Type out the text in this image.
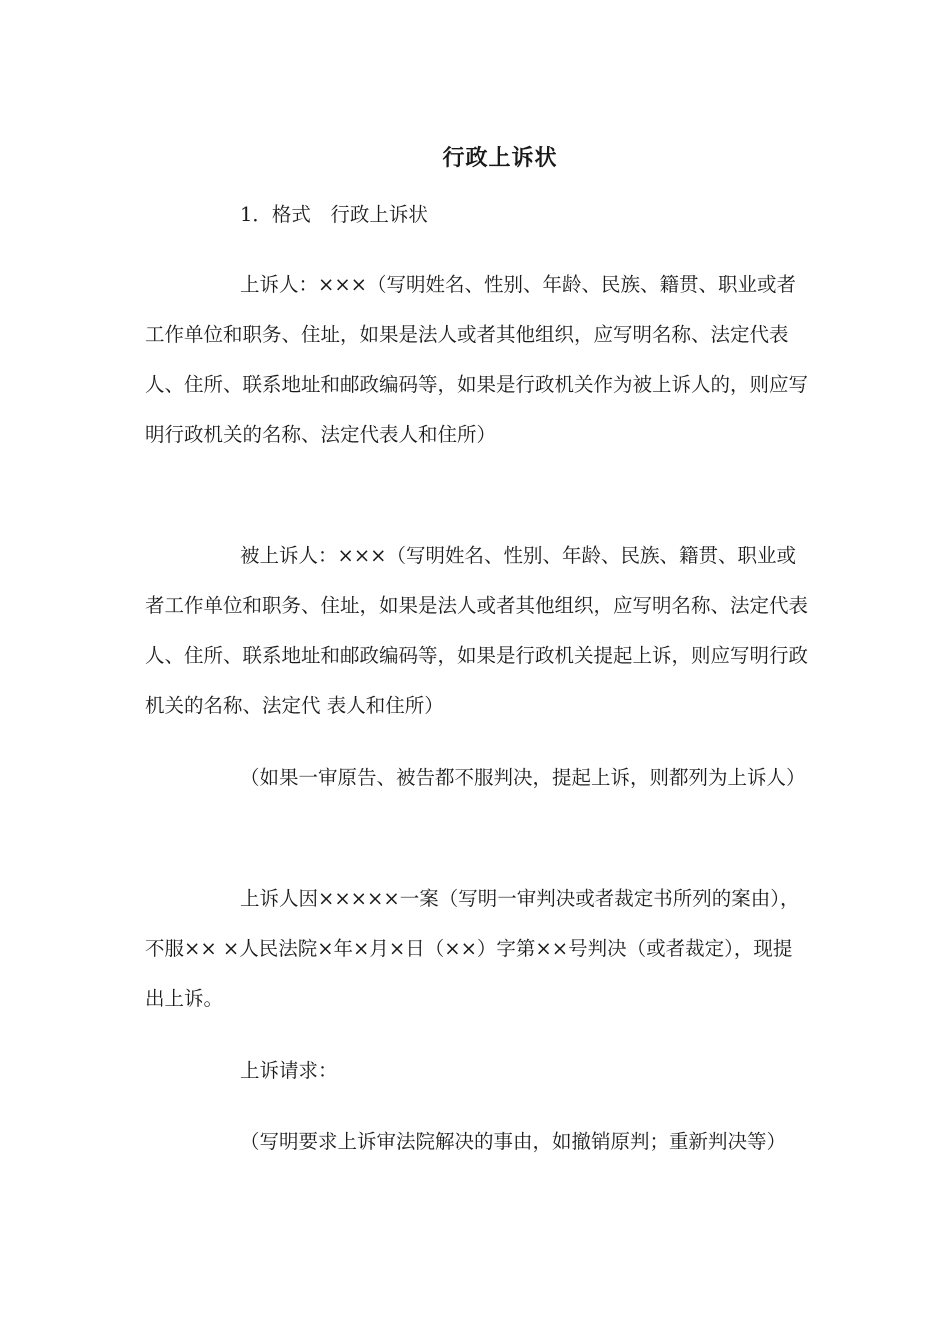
行政上诉状

1．格式　行政上诉状

上诉人：×××（写明姓名、性别、年龄、民族、籍贯、职业或者工作单位和职务、住址，如果是法人或者其他组织，应写明名称、法定代表人、住所、联系地址和邮政编码等，如果是行政机关作为被上诉人的，则应写明行政机关的名称、法定代表人和住所）

被上诉人：×××（写明姓名、性别、年龄、民族、籍贯、职业或者工作单位和职务、住址，如果是法人或者其他组织，应写明名称、法定代表人、住所、联系地址和邮政编码等，如果是行政机关提起上诉，则应写明行政机关的名称、法定代 表人和住所）

（如果一审原告、被告都不服判决，提起上诉，则都列为上诉人）

上诉人因×××××一案（写明一审判决或者裁定书所列的案由），不服×× ×人民法院×年×月×日（××）字第××号判决（或者裁定），现提出上诉。

上诉请求：

（写明要求上诉审法院解决的事由，如撤销原判；重新判决等）
